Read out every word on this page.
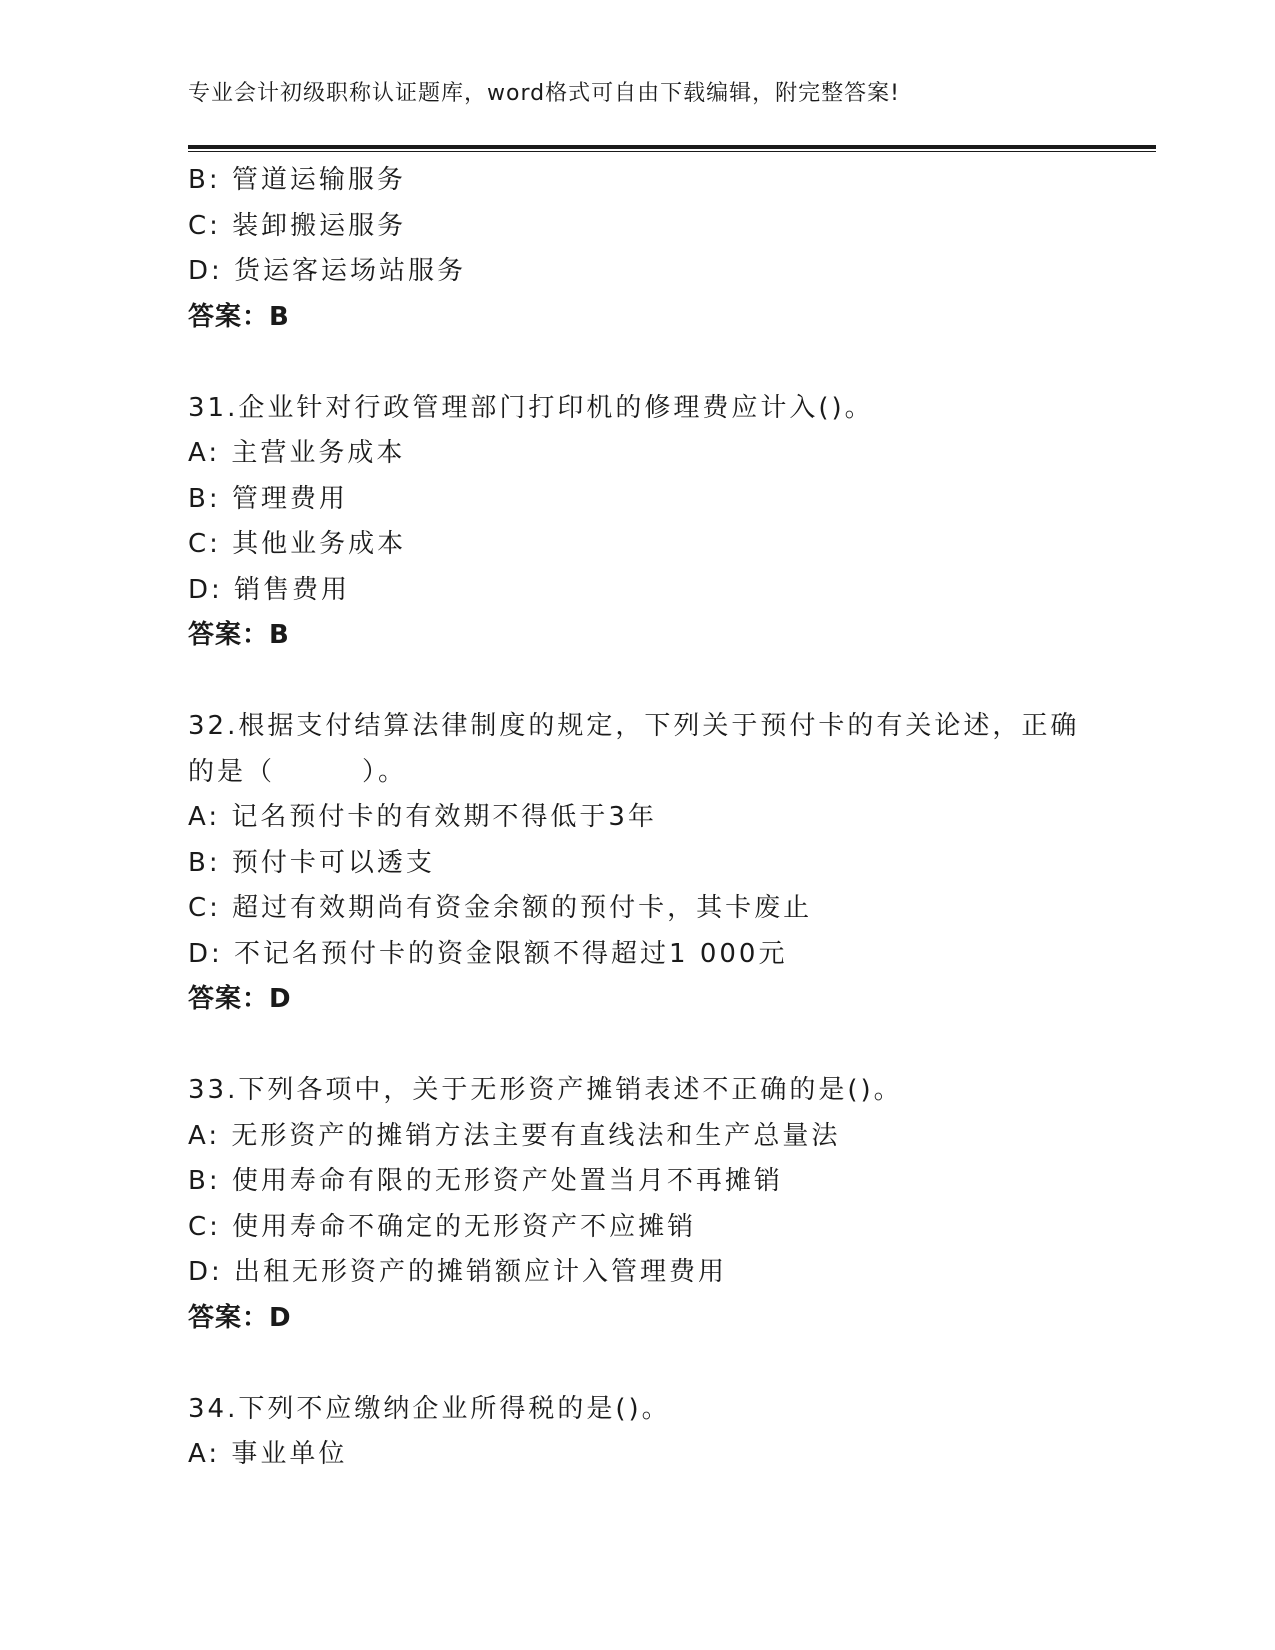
专业会计初级职称认证题库，word格式可自由下载编辑，附完整答案!
B: 管道运输服务
C: 装卸搬运服务
D: 货运客运场站服务
答案：B
31.企业针对行政管理部门打印机的修理费应计入()。
A: 主营业务成本
B: 管理费用
C: 其他业务成本
D: 销售费用
答案：B
32.根据支付结算法律制度的规定，下列关于预付卡的有关论述，正确的是（　　　）。
A: 记名预付卡的有效期不得低于3年
B: 预付卡可以透支
C: 超过有效期尚有资金余额的预付卡，其卡废止
D: 不记名预付卡的资金限额不得超过1 000元
答案：D
33.下列各项中，关于无形资产摊销表述不正确的是()。
A: 无形资产的摊销方法主要有直线法和生产总量法
B: 使用寿命有限的无形资产处置当月不再摊销
C: 使用寿命不确定的无形资产不应摊销
D: 出租无形资产的摊销额应计入管理费用
答案：D
34.下列不应缴纳企业所得税的是()。
A: 事业单位
